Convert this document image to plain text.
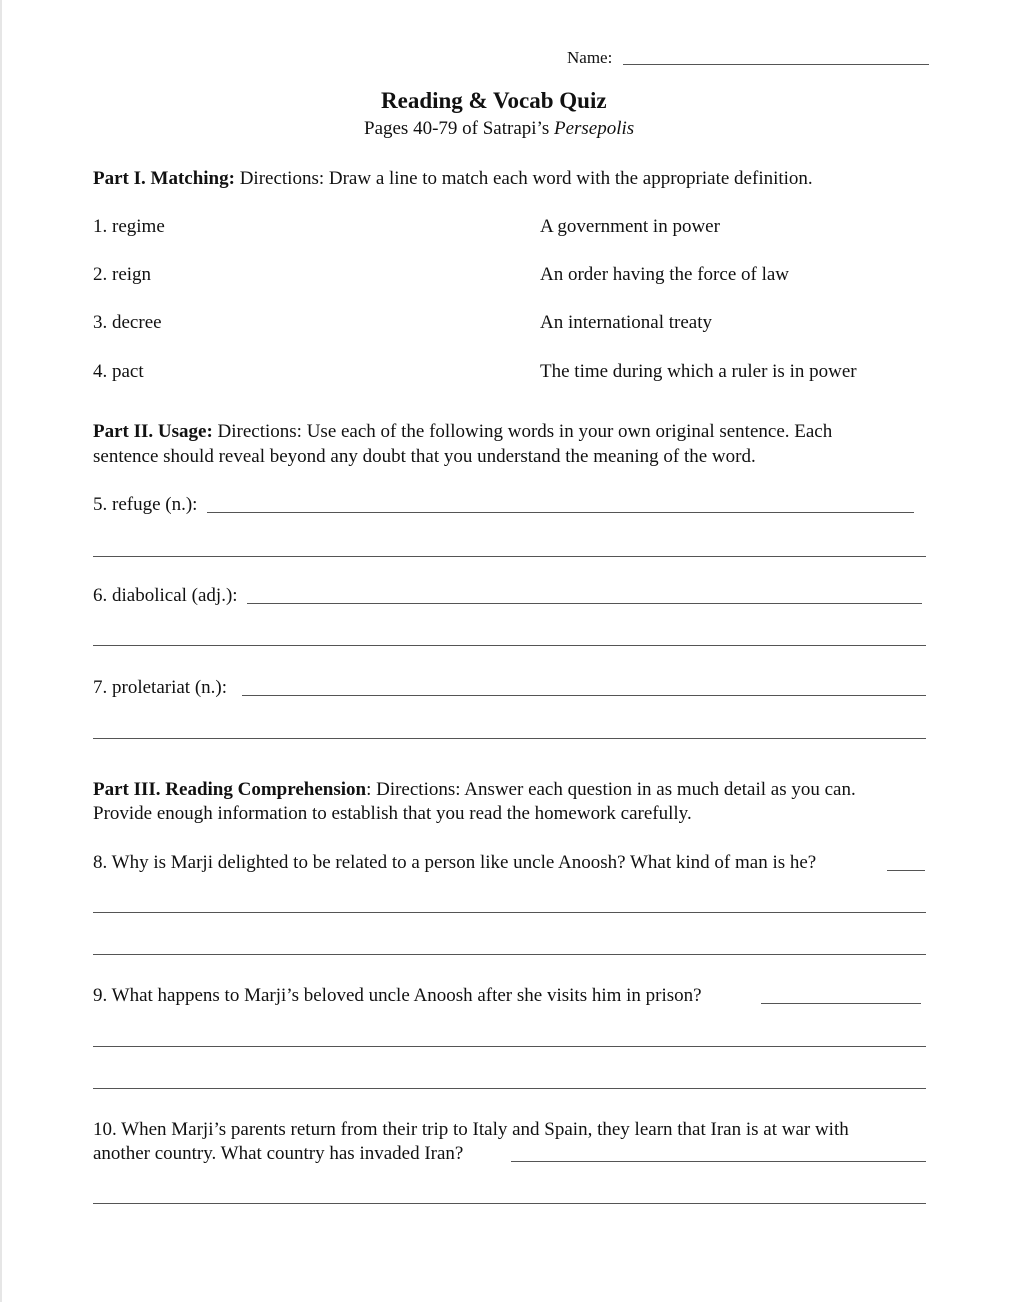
Name:
Reading & Vocab Quiz
Pages 40-79 of Satrapi’s Persepolis
Part I. Matching: Directions: Draw a line to match each word with the appropriate definition.
1. regime
2. reign
3. decree
4. pact
A government in power
An order having the force of law
An international treaty
The time during which a ruler is in power
Part II. Usage: Directions: Use each of the following words in your own original sentence. Each
sentence should reveal beyond any doubt that you understand the meaning of the word.
5. refuge (n.):
6. diabolical (adj.):
7. proletariat (n.):
Part III. Reading Comprehension: Directions: Answer each question in as much detail as you can.
Provide enough information to establish that you read the homework carefully.
8. Why is Marji delighted to be related to a person like uncle Anoosh? What kind of man is he?
9. What happens to Marji’s beloved uncle Anoosh after she visits him in prison?
10. When Marji’s parents return from their trip to Italy and Spain, they learn that Iran is at war with
another country. What country has invaded Iran?
